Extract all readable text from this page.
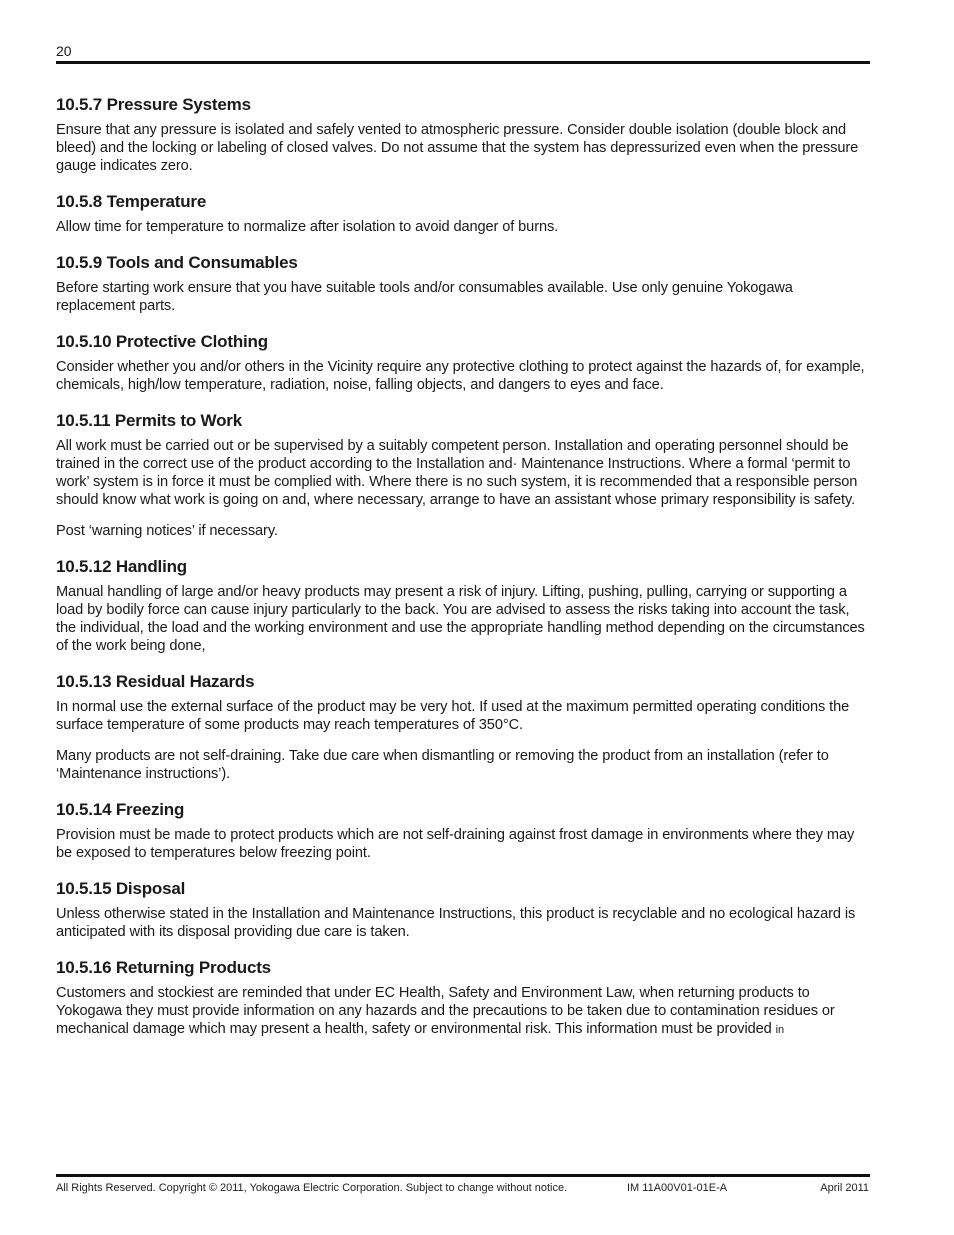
20
10.5.7 Pressure Systems

Ensure that any pressure is isolated and safely vented to atmospheric pressure. Consider double isolation (double block and bleed) and the locking or labeling of closed valves. Do not assume that the system has depressurized even when the pressure gauge indicates zero.

10.5.8 Temperature

Allow time for temperature to normalize after isolation to avoid danger of burns.

10.5.9 Tools and Consumables

Before starting work ensure that you have suitable tools and/or consumables available. Use only genuine Yokogawa replacement parts.

10.5.10 Protective Clothing

Consider whether you and/or others in the Vicinity require any protective clothing to protect against the hazards of, for example, chemicals, high/low temperature, radiation, noise, falling objects, and dangers to eyes and face.

10.5.11 Permits to Work

All work must be carried out or be supervised by a suitably competent person. Installation and operating personnel should be trained in the correct use of the product according to the Installation and· Maintenance Instructions. Where a formal ‘permit to work’ system is in force it must be complied with. Where there is no such system, it is recommended that a responsible person should know what work is going on and, where necessary, arrange to have an assistant whose primary responsibility is safety.

Post ‘warning notices’ if necessary.

10.5.12 Handling

Manual handling of large and/or heavy products may present a risk of injury. Lifting, pushing, pulling, carrying or supporting a load by bodily force can cause injury particularly to the back. You are advised to assess the risks taking into account the task, the individual, the load and the working environment and use the appropriate handling method depending on the circumstances of the work being done,

10.5.13 Residual Hazards

In normal use the external surface of the product may be very hot. If used at the maximum permitted operating conditions the surface temperature of some products may reach temperatures of 350°C.

Many products are not self-draining. Take due care when dismantling or removing the product from an installation (refer to ‘Maintenance instructions’).

10.5.14 Freezing

Provision must be made to protect products which are not self-draining against frost damage in environments where they may be exposed to temperatures below freezing point.

10.5.15 Disposal

Unless otherwise stated in the Installation and Maintenance Instructions, this product is recyclable and no ecological hazard is anticipated with its disposal providing due care is taken.

10.5.16 Returning Products

Customers and stockiest are reminded that under EC Health, Safety and Environment Law, when returning products to Yokogawa they must provide information on any hazards and the precautions to be taken due to contamination residues or mechanical damage which may present a health, safety or environmental risk. This information must be provided in

All Rights Reserved. Copyright © 2011, Yokogawa Electric Corporation. Subject to change without notice.	IM 11A00V01-01E-A	April 2011
